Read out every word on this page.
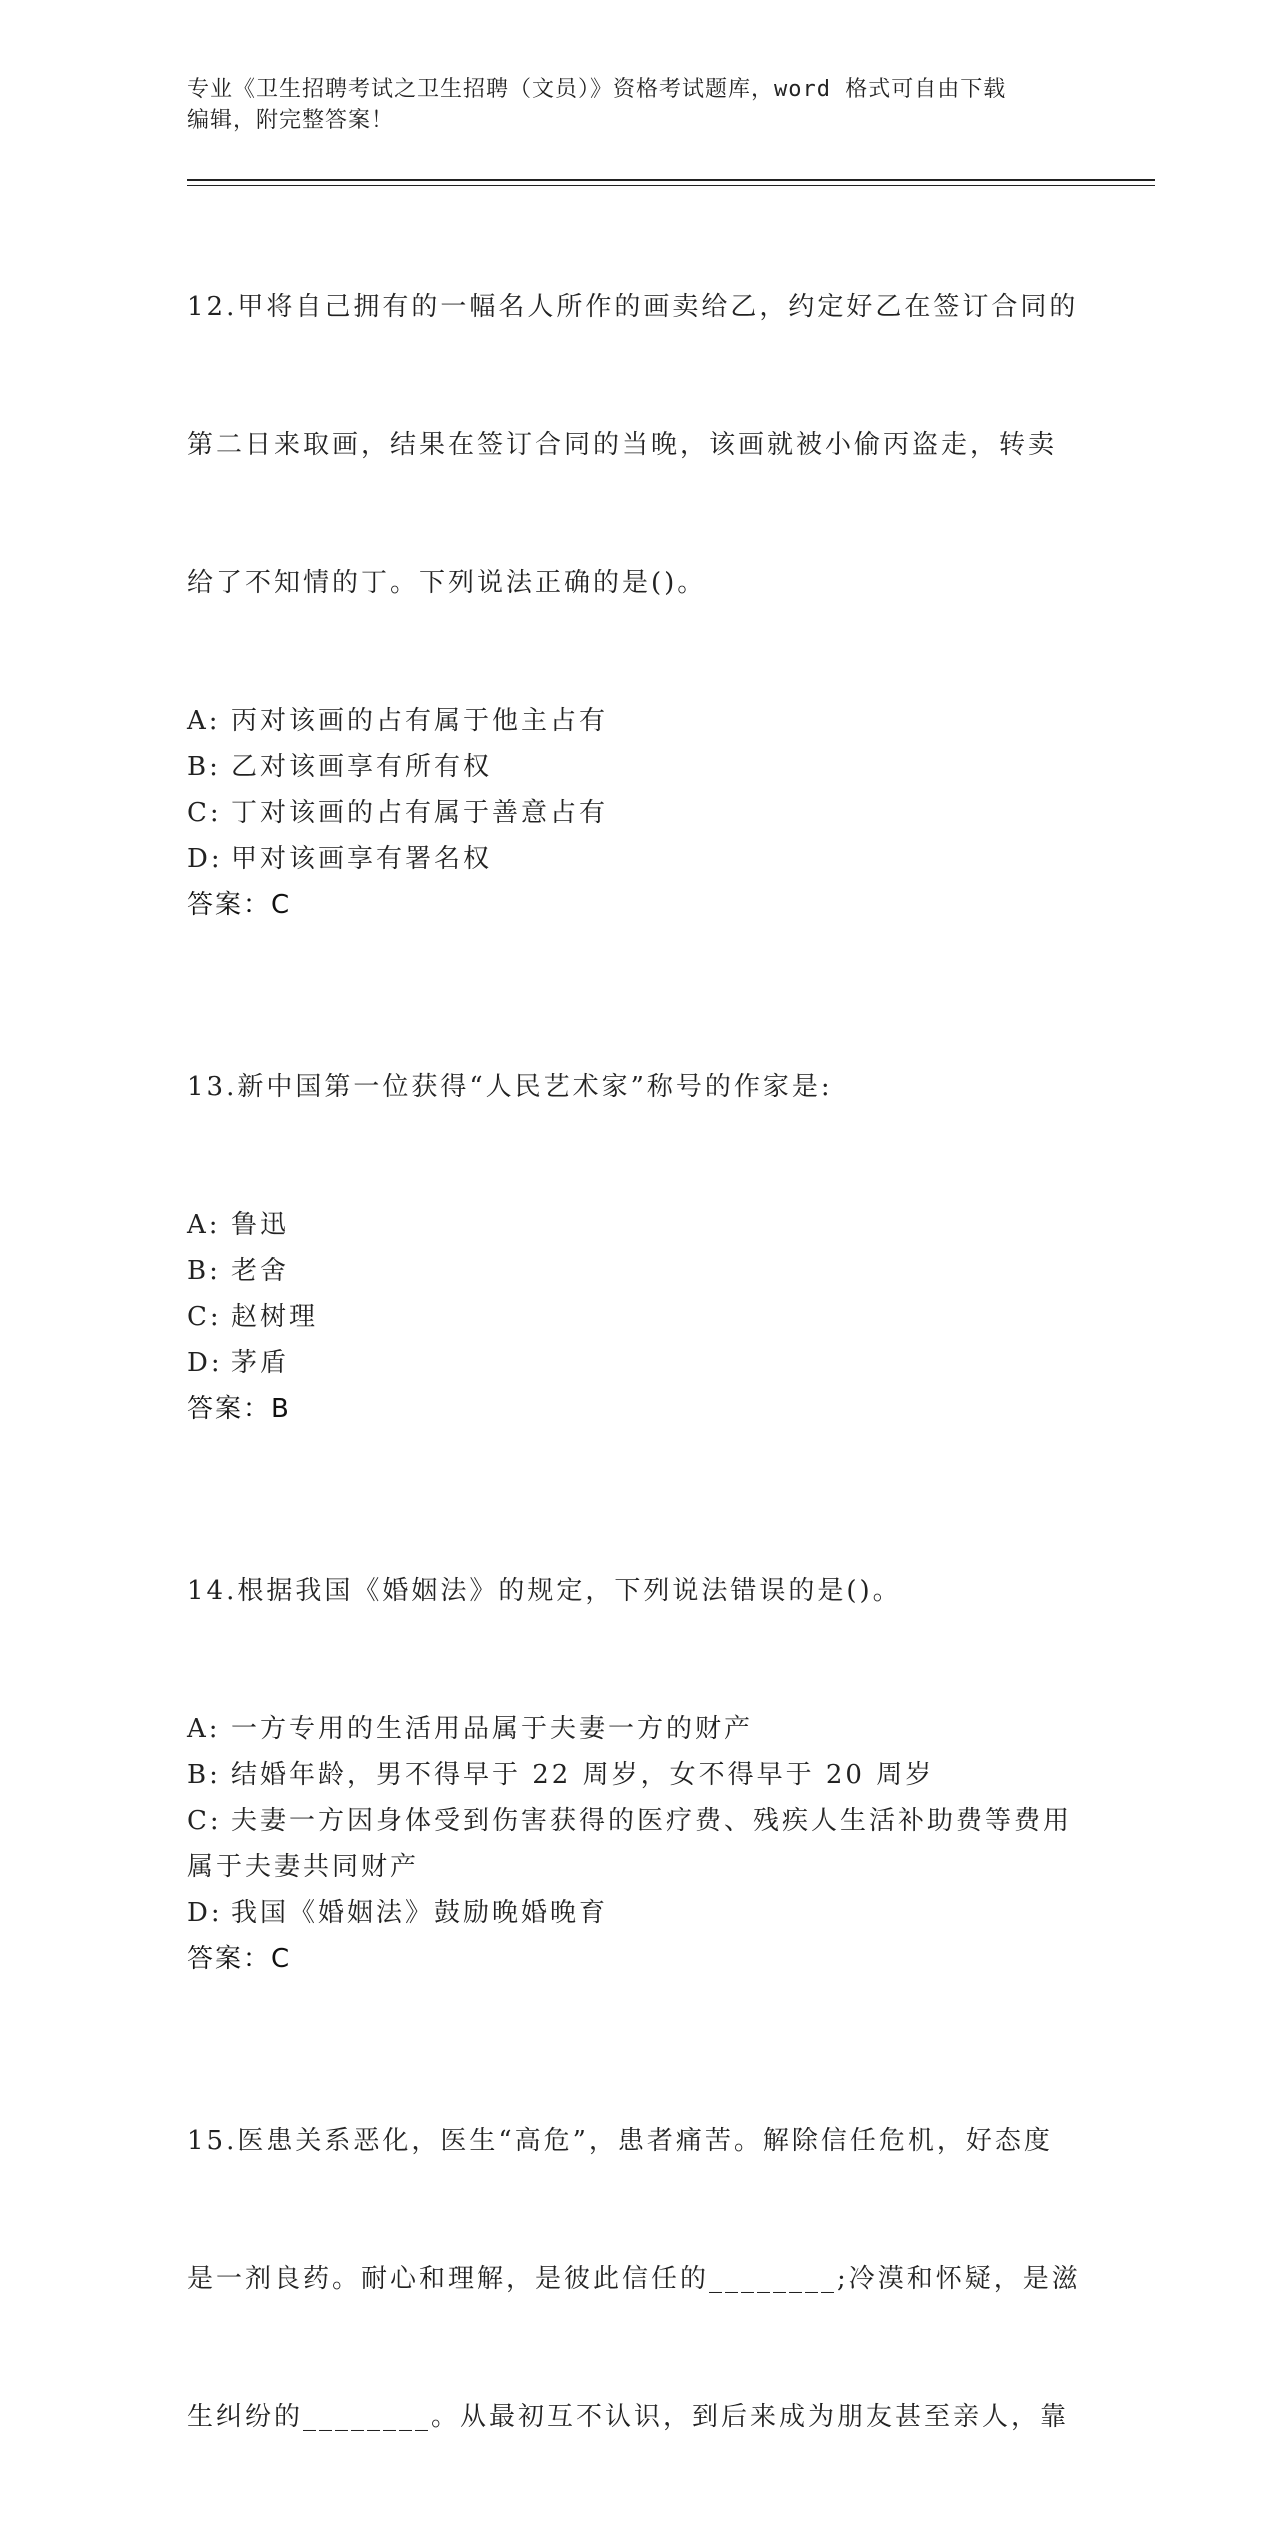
专业《卫生招聘考试之卫生招聘（文员）》资格考试题库，word 格式可自由下载
编辑，附完整答案！

12.甲将自己拥有的一幅名人所作的画卖给乙，约定好乙在签订合同的

第二日来取画，结果在签订合同的当晚，该画就被小偷丙盗走，转卖

给了不知情的丁。下列说法正确的是()。

A: 丙对该画的占有属于他主占有

B: 乙对该画享有所有权

C: 丁对该画的占有属于善意占有

D: 甲对该画享有署名权

答案：C

13.新中国第一位获得“人民艺术家”称号的作家是:

A: 鲁迅

B: 老舍

C: 赵树理

D: 茅盾

答案：B

14.根据我国《婚姻法》的规定，下列说法错误的是()。

A: 一方专用的生活用品属于夫妻一方的财产

B: 结婚年龄，男不得早于 22 周岁，女不得早于 20 周岁

C: 夫妻一方因身体受到伤害获得的医疗费、残疾人生活补助费等费用

属于夫妻共同财产

D: 我国《婚姻法》鼓励晚婚晚育

答案：C

15.医患关系恶化，医生“高危”，患者痛苦。解除信任危机，好态度

是一剂良药。耐心和理解，是彼此信任的________;冷漠和怀疑，是滋

生纠纷的________。从最初互不认识，到后来成为朋友甚至亲人，靠
